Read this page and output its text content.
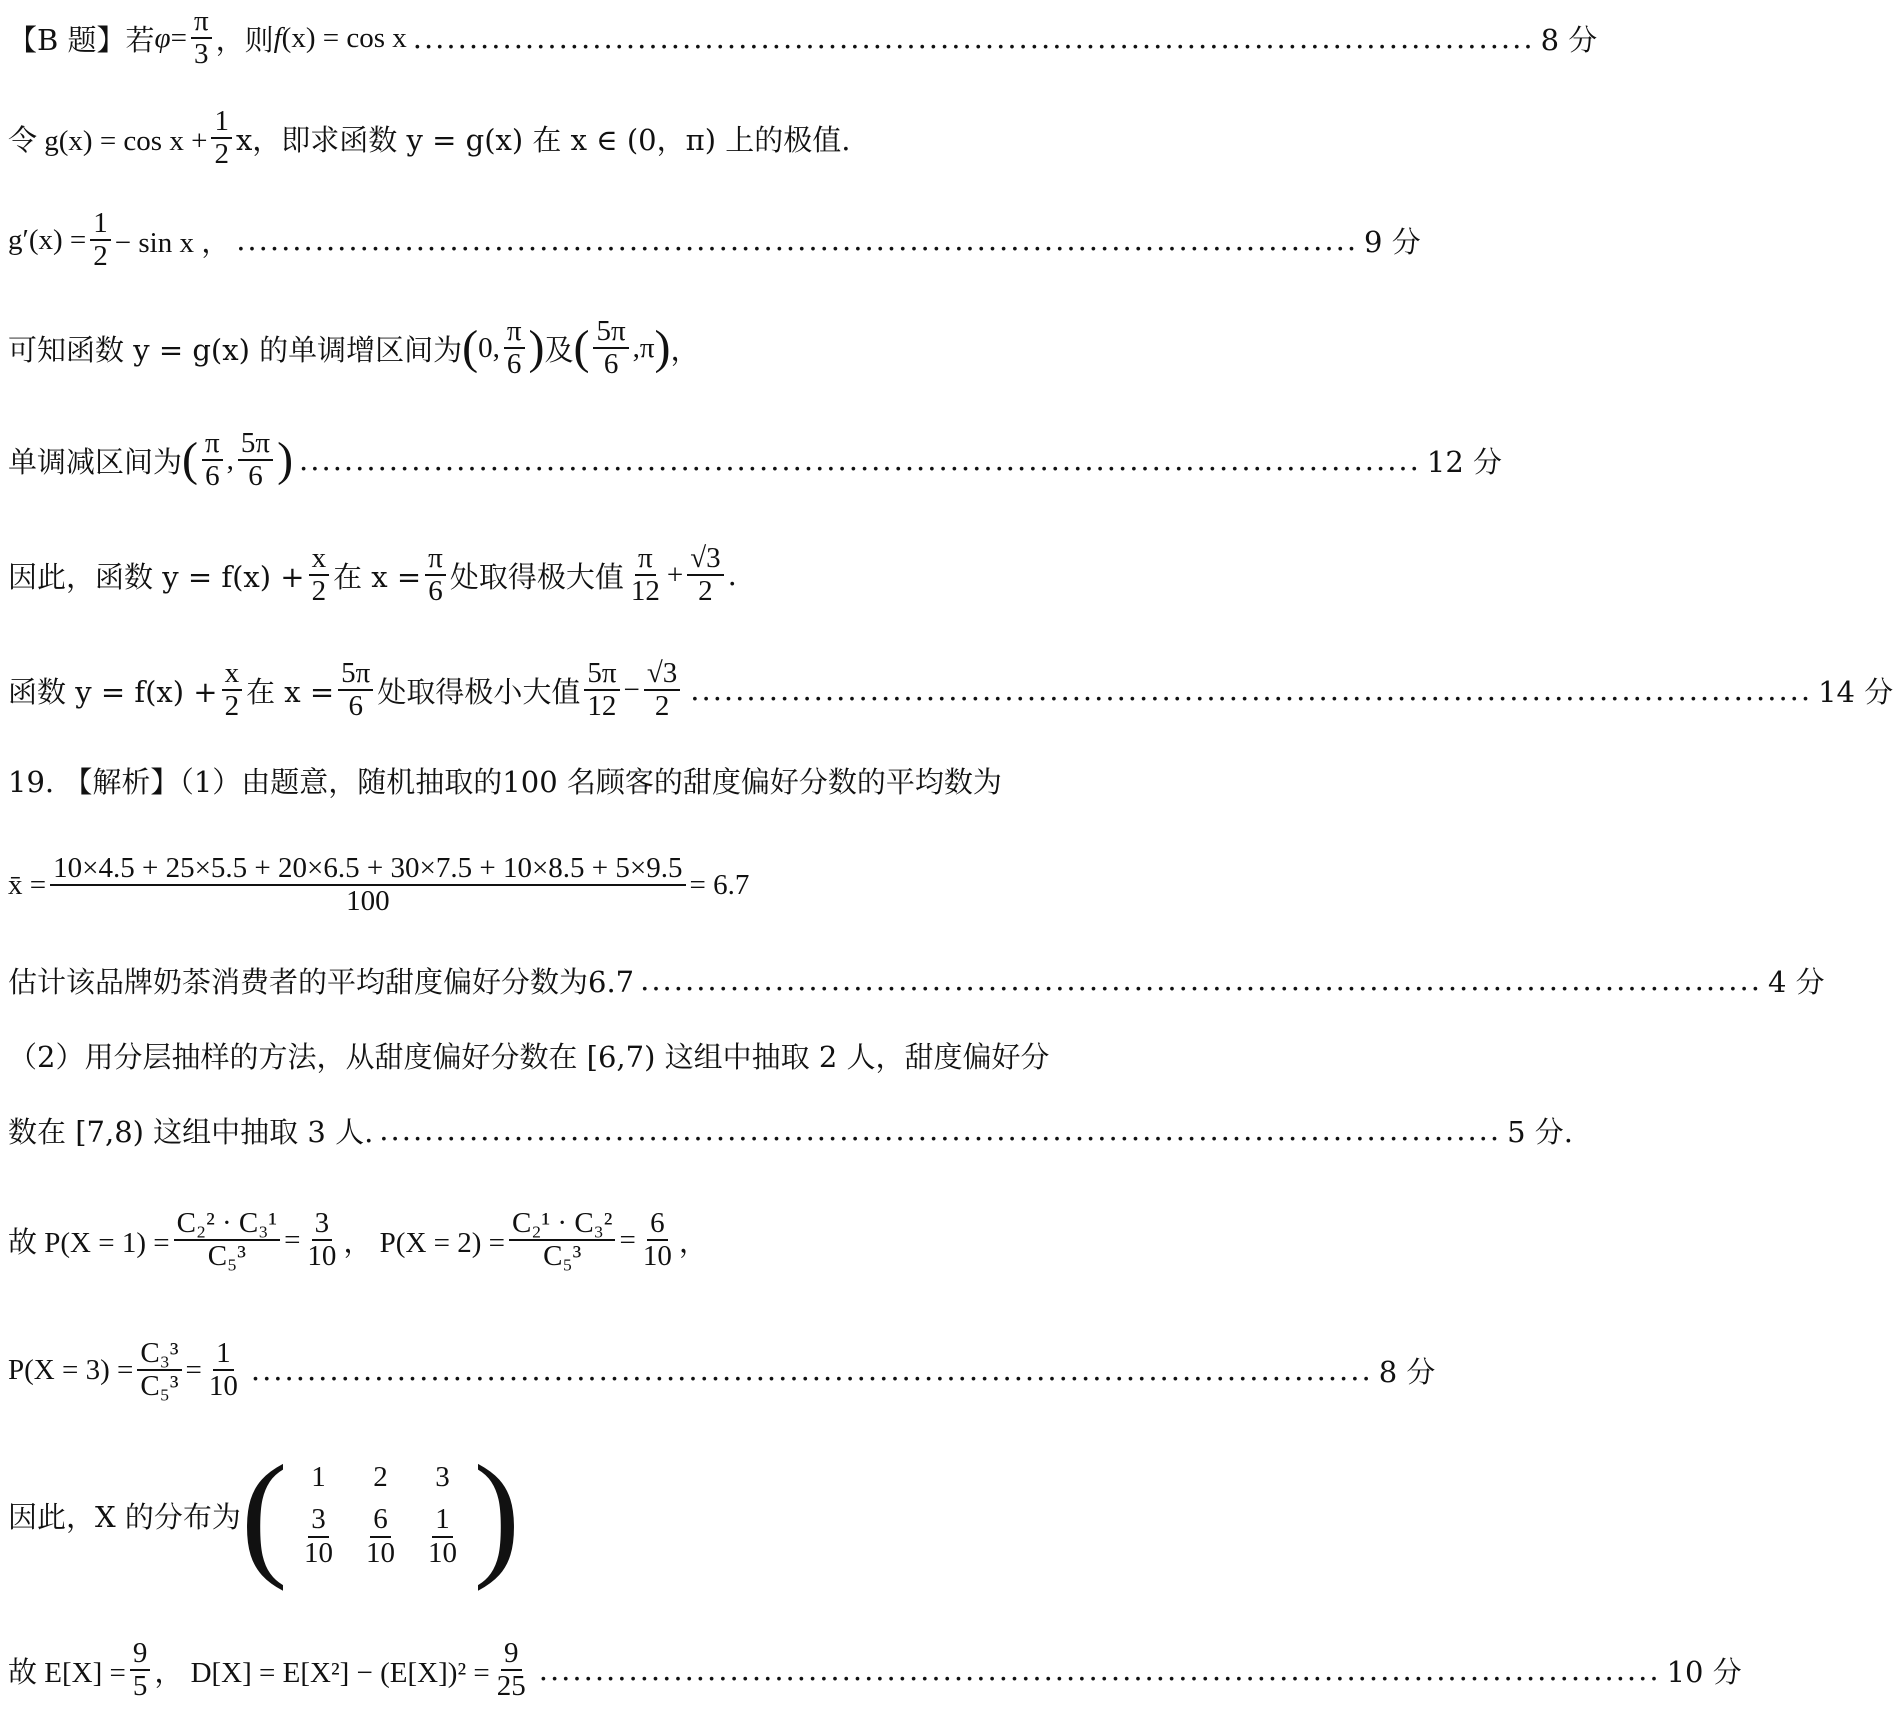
【B 题】若 $\varphi = \frac{\pi}{3}$ ，则 f (x) = cos x .................................................................................................... 8 分
令 $g(x) = \cos x + \frac{1}{2}$ x，即求函数 y = g(x) 在 x ∈ (0，π) 上的极值.
$g'(x) = \frac{1}{2} - \sin x$ ， .................................................................................................... 9 分
可知函数 y = g(x) 的单调增区间为 ( 0, $\frac{\pi}{6}$ ) 及 ( $\frac{5\pi}{6} ,\pi$ ) ，
单调减区间为 ( $\frac{\pi}{6}$ , $\frac{5\pi}{6}$ ) .................................................................................................... 12 分
因此，函数 $y = f(x) + \frac{x}{2}$ 在 $x = \frac{\pi}{6}$ 处取得极大值 $\frac{\pi}{12} + \frac{√3}{2}$ .
函数 $y = f(x) + \frac{x}{2}$ 在 $x = \frac{5\pi}{6}$ 处取得极小大值 $\frac{5\pi}{12} - \frac{√3}{2}$ .................................................................................................... 14 分
19. 【解析】（1）由题意，随机抽取的100 名顾客的甜度偏好分数的平均数为
x̄ = $\frac{10\times 4.5 + 25\times 5.5 + 20\times 6.5 + 30\times 7.5 + 10\times 8.5 + 5\times 9.5}{100} = 6.7$
估计该品牌奶茶消费者的平均甜度偏好分数为6.7 .................................................................................................... 4 分
（2）用分层抽样的方法，从甜度偏好分数在 [6,7) 这组中抽取 2 人，甜度偏好分
数在 [7,8) 这组中抽取 3 人. .................................................................................................... 5 分.
故 $P(X = 1) = \frac{\text{C₂² · C₃¹}}{\text{C₅³}} = \frac{3}{10}$ ， $P(X = 2) = \frac{\text{C₂¹ · C₃²}}{\text{C₅³}} = \frac{6}{10}$ ，
$P(X = 3) = \frac{\text{C₃³}}{\text{C₅³}} = \frac{1}{10}$ .................................................................................................... 8 分
因此，X 的分布为 ( 1	2	3
$\frac{3}{10} \frac{6}{10} \frac{1}{10}$ )
故 $E[X] = \frac{9}{5}$ ， $D[X] = E[X^2] - (E[X])^2 = \frac{9}{25}$ .................................................................................................... 10 分
